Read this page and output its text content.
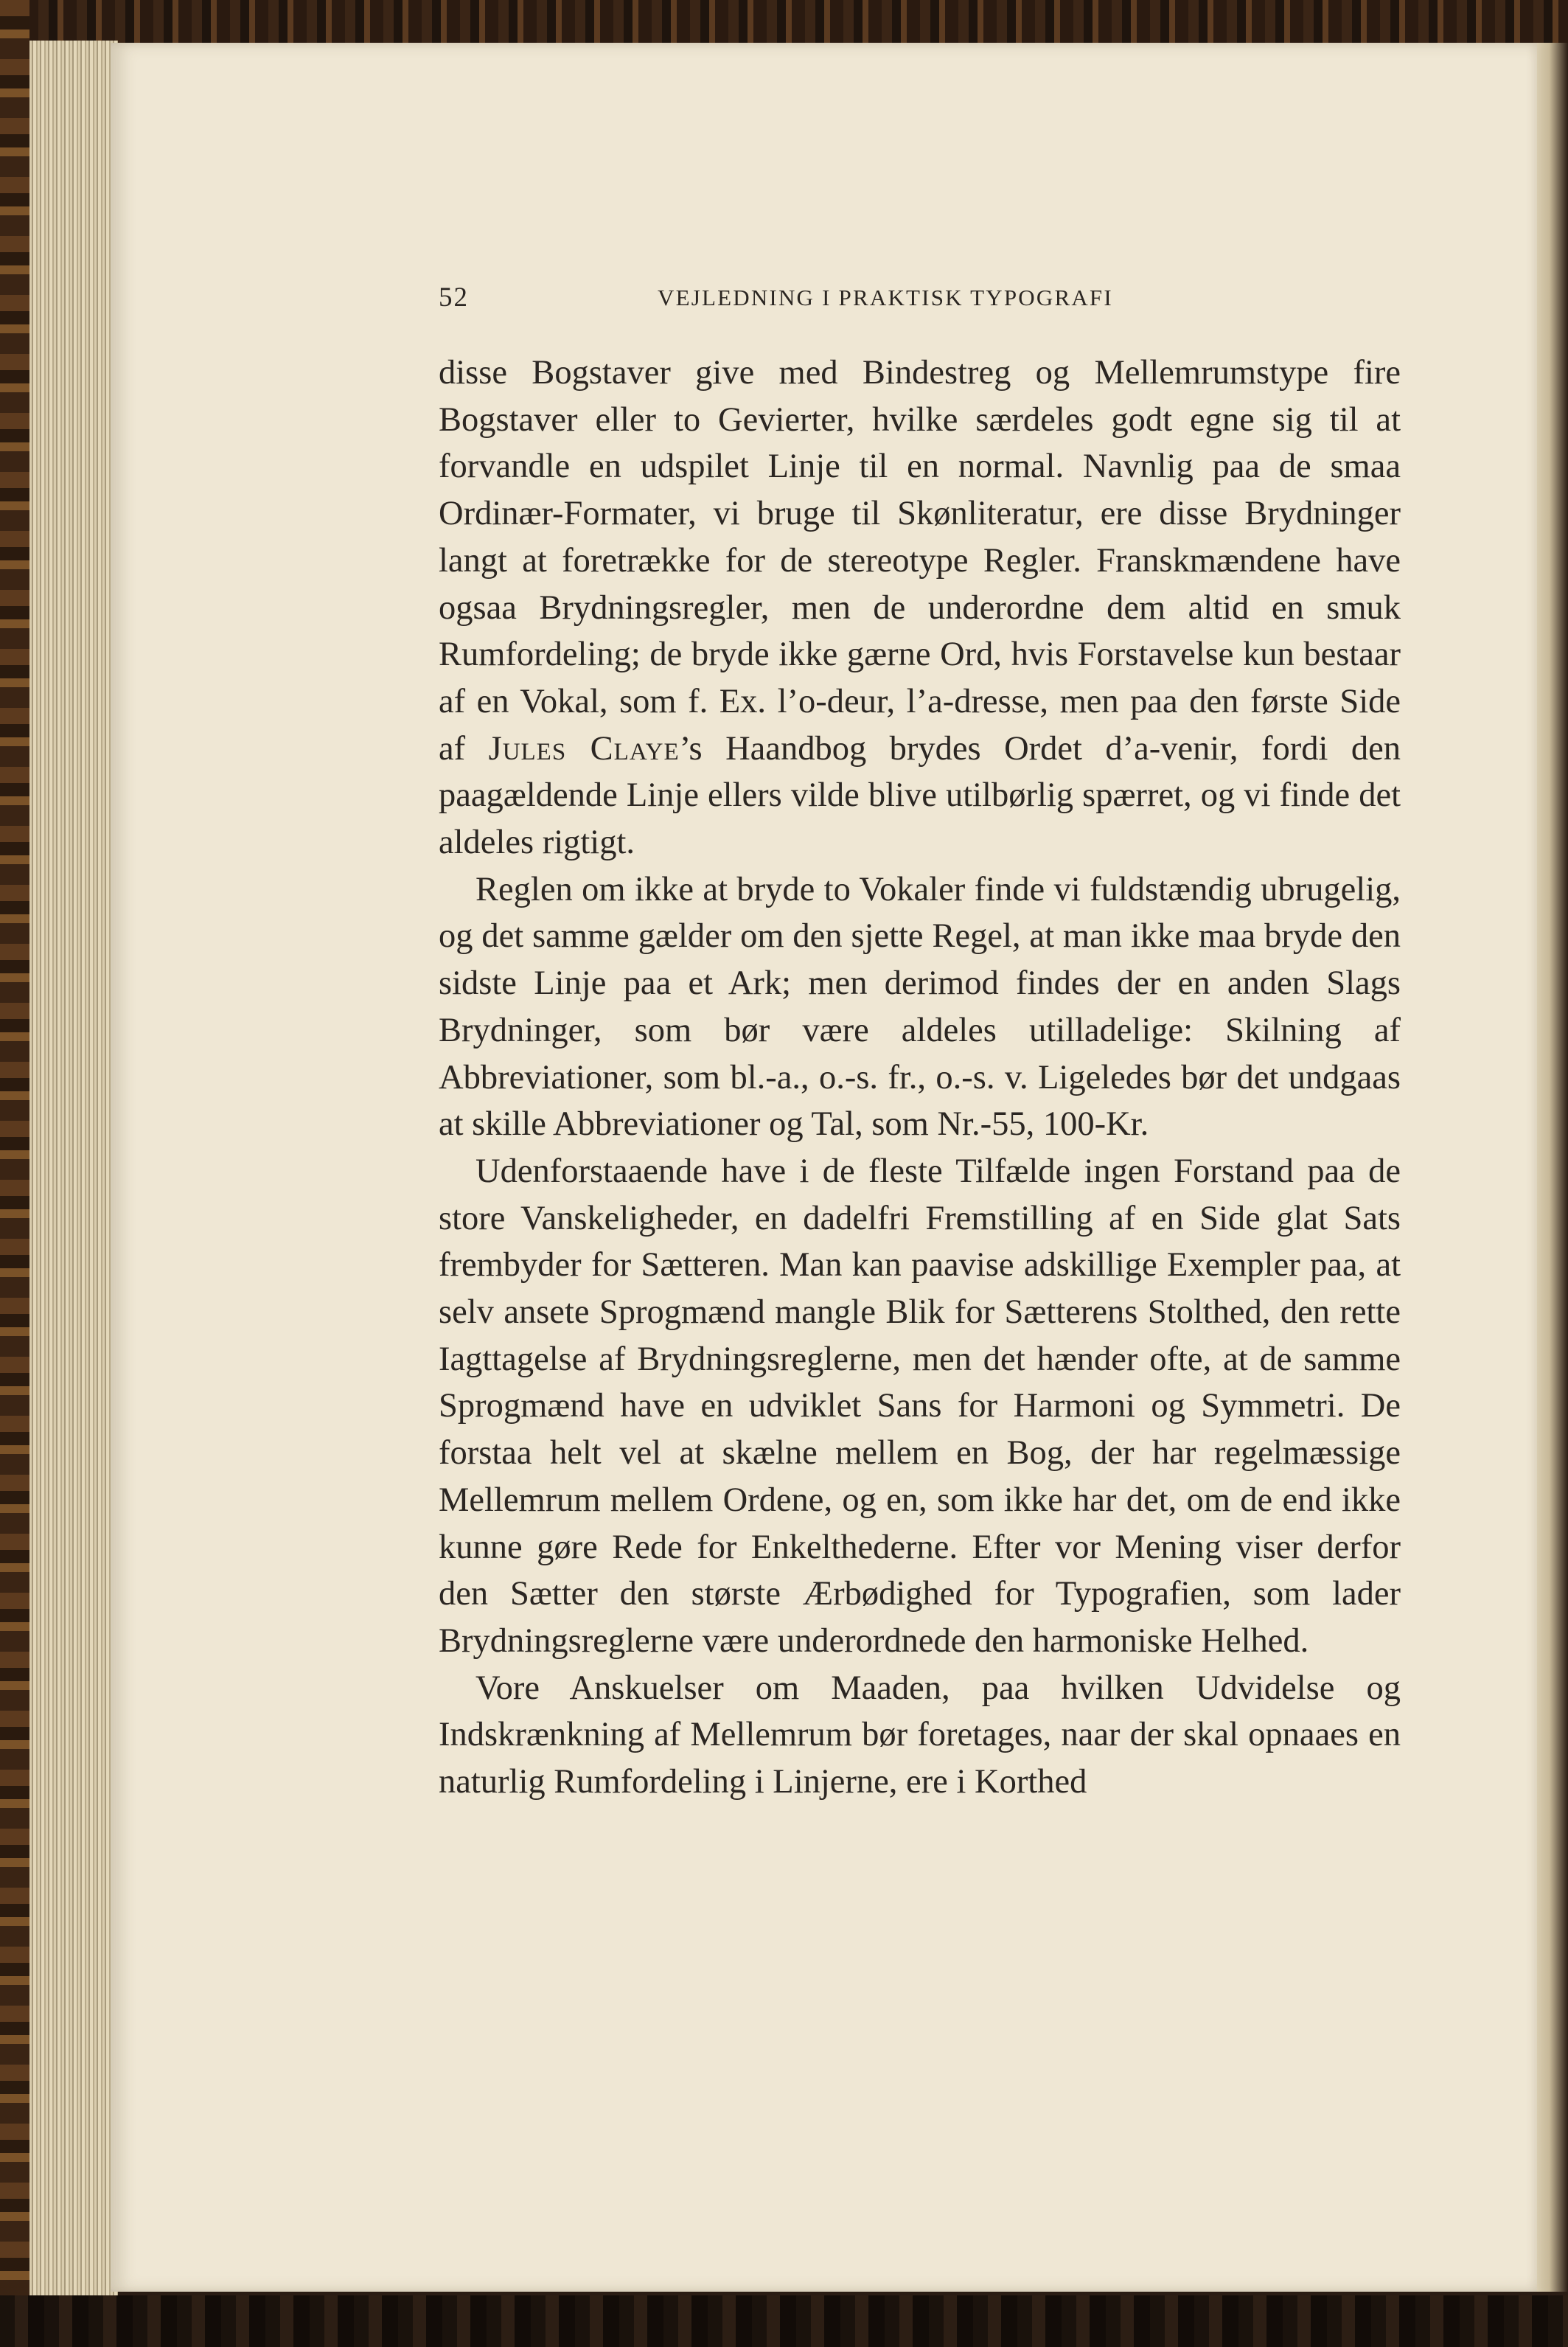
52	VEJLEDNING I PRAKTISK TYPOGRAFI

disse Bogstaver give med Bindestreg og Mellemrumstype fire Bogstaver eller to Gevierter, hvilke særdeles godt egne sig til at forvandle en udspilet Linje til en normal. Navnlig paa de smaa Ordinær-Formater, vi bruge til Skønliteratur, ere disse Brydninger langt at foretrække for de stereotype Regler. Franskmændene have ogsaa Brydningsregler, men de underordne dem altid en smuk Rumfordeling; de bryde ikke gærne Ord, hvis Forstavelse kun bestaar af en Vokal, som f. Ex. l’o-deur, l’a-dresse, men paa den første Side af Jules Claye’s Haandbog brydes Ordet d’a-venir, fordi den paagældende Linje ellers vilde blive utilbørlig spærret, og vi finde det aldeles rigtigt.

Reglen om ikke at bryde to Vokaler finde vi fuldstændig ubrugelig, og det samme gælder om den sjette Regel, at man ikke maa bryde den sidste Linje paa et Ark; men derimod findes der en anden Slags Brydninger, som bør være aldeles utilladelige: Skilning af Abbreviationer, som bl.-a., o.-s. fr., o.-s. v. Ligeledes bør det undgaas at skille Abbreviationer og Tal, som Nr.-55, 100-Kr.

Udenforstaaende have i de fleste Tilfælde ingen Forstand paa de store Vanskeligheder, en dadelfri Fremstilling af en Side glat Sats frembyder for Sætteren. Man kan paavise adskillige Exempler paa, at selv ansete Sprogmænd mangle Blik for Sætterens Stolthed, den rette Iagttagelse af Brydningsreglerne, men det hænder ofte, at de samme Sprogmænd have en udviklet Sans for Harmoni og Symmetri. De forstaa helt vel at skælne mellem en Bog, der har regelmæssige Mellemrum mellem Ordene, og en, som ikke har det, om de end ikke kunne gøre Rede for Enkelthederne. Efter vor Mening viser derfor den Sætter den største Ærbødighed for Typografien, som lader Brydningsreglerne være underordnede den harmoniske Helhed.

Vore Anskuelser om Maaden, paa hvilken Udvidelse og Indskrænkning af Mellemrum bør foretages, naar der skal opnaaes en naturlig Rumfordeling i Linjerne, ere i Korthed
